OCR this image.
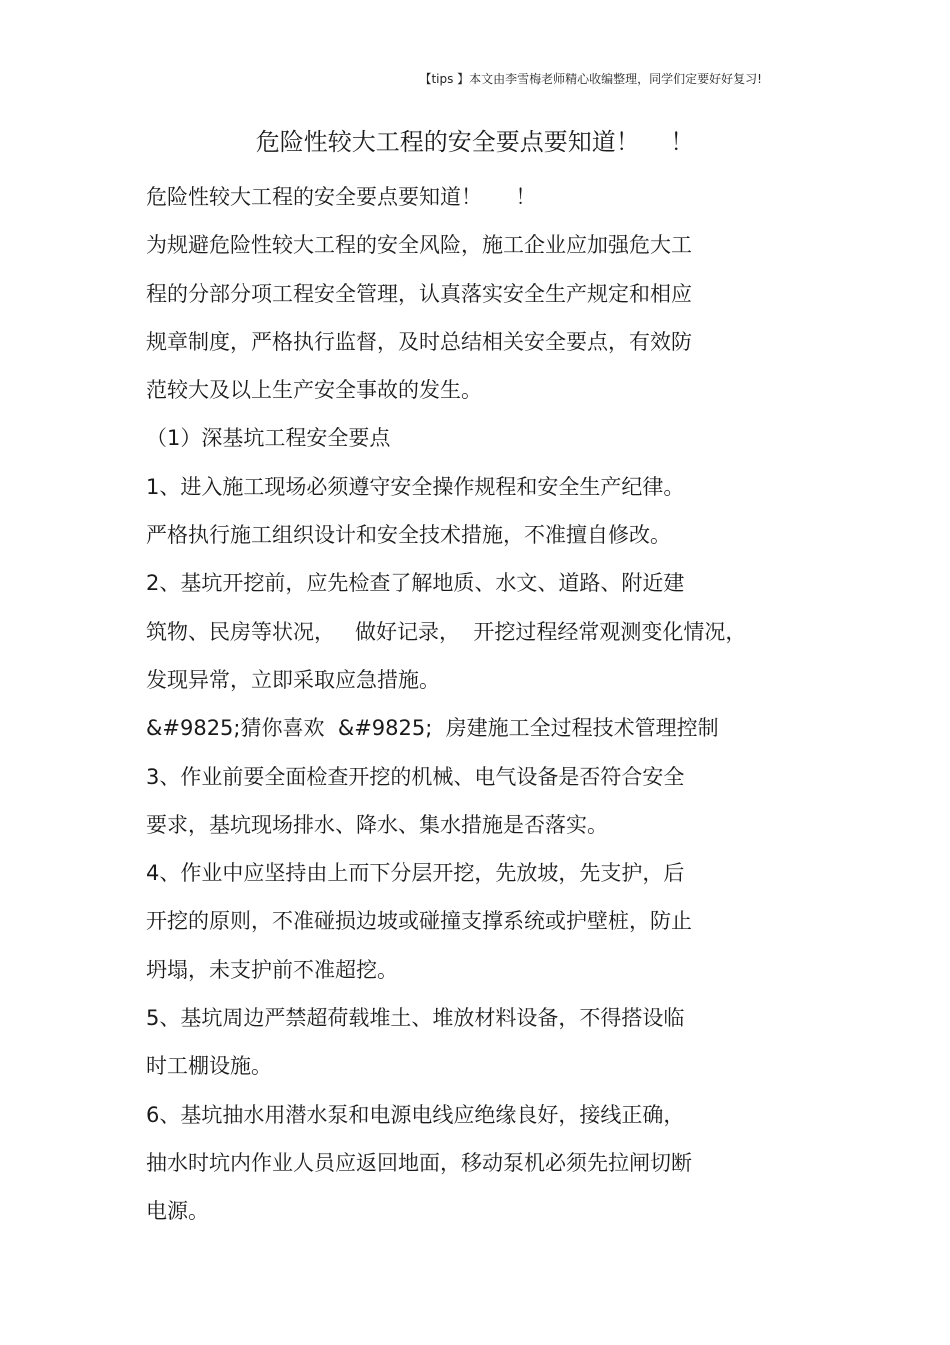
【tips 】本文由李雪梅老师精心收编整理，同学们定要好好复习!
危险性较大工程的安全要点要知道！    ！
危险性较大工程的安全要点要知道！     ！
为规避危险性较大工程的安全风险，施工企业应加强危大工
程的分部分项工程安全管理，认真落实安全生产规定和相应
规章制度，严格执行监督，及时总结相关安全要点，有效防
范较大及以上生产安全事故的发生。
（1）深基坑工程安全要点
1、进入施工现场必须遵守安全操作规程和安全生产纪律。
严格执行施工组织设计和安全技术措施，不准擅自修改。
2、基坑开挖前，应先检查了解地质、水文、道路、附近建
筑物、民房等状况，   做好记录，  开挖过程经常观测变化情况，
发现异常，立即采取应急措施。
&#9825;猜你喜欢  &#9825;  房建施工全过程技术管理控制
3、作业前要全面检查开挖的机械、电气设备是否符合安全
要求，基坑现场排水、降水、集水措施是否落实。
4、作业中应坚持由上而下分层开挖，先放坡，先支护，后
开挖的原则，不准碰损边坡或碰撞支撑系统或护壁桩，防止
坍塌，未支护前不准超挖。
5、基坑周边严禁超荷载堆土、堆放材料设备，不得搭设临
时工棚设施。
6、基坑抽水用潜水泵和电源电线应绝缘良好，接线正确，
抽水时坑内作业人员应返回地面，移动泵机必须先拉闸切断
电源。
